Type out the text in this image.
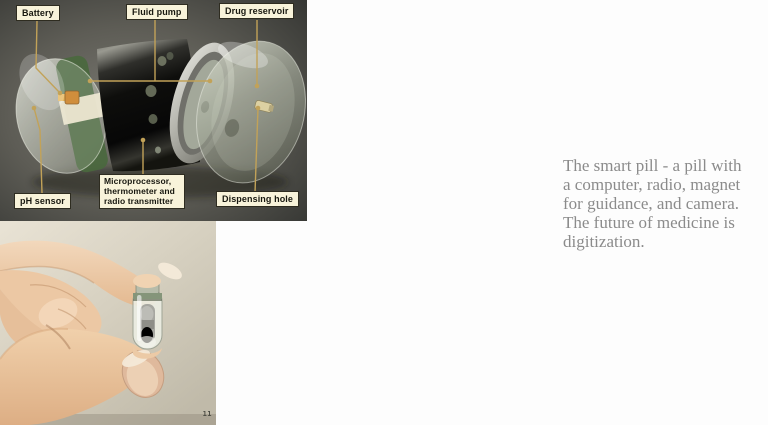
Battery	Fluid pump	Drug reservoir
pH sensor
Microprocessor, thermometer and radio transmitter	Dispensing hole
11
The smart pill - a pill with
a computer, radio, magnet
for guidance, and camera.
The future of medicine is
digitization.
